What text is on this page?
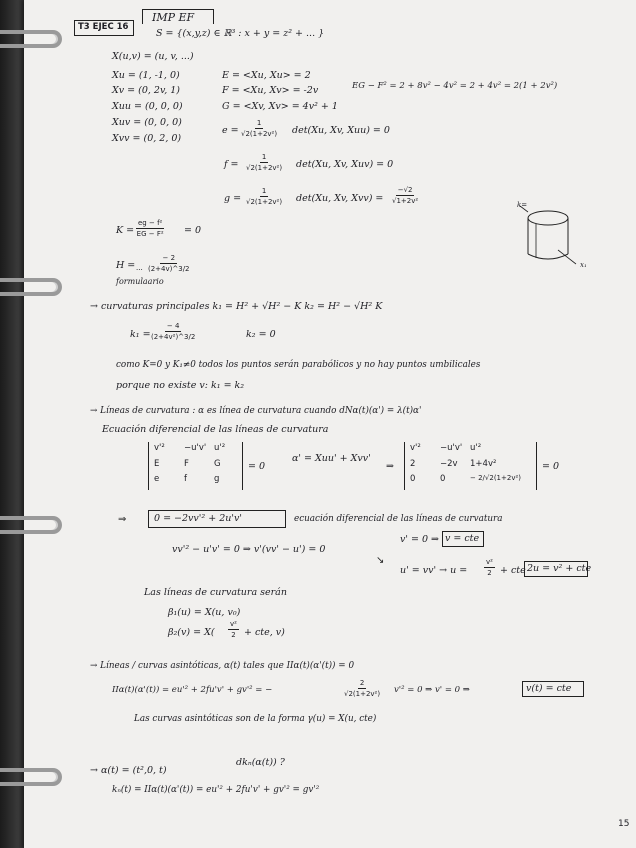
T3 EJEC 16
IMP EF
S = {(x,y,z) ∈ ℝ³ : x + y = z² + ... }
X(u,v) = (u, v, ...)
Xu = (1, -1, 0)
Xv = (0, 2v, 1)
Xuu = (0, 0, 0)
Xuv = (0, 0, 0)
Xvv = (0, 2, 0)
E = <Xu, Xu> = 2
F = <Xu, Xv> = -2v
G = <Xv, Xv> = 4v² + 1
EG − F² = 2 + 8v² − 4v² = 2 + 4v² = 2(1 + 2v²)
$e = \frac{1}{\text{√2(1+2v²)}} \det(Xu$, Xv, Xuu) = 0
$f = \frac{1}{\text{√2(1+2v²)}} \det(Xu$, Xv, Xuv) = 0
$g = \frac{1}{\text{√2(1+2v²)}} \det(Xu$, Xv, $Xvv) = \frac{-√2}{\text{√1+2v²}}$
$K = \frac{\text{eg − f²}}{\text{EG − F²}} = 0$
H = ... $\frac{- 2}{(2+4v)\^{}3/2}$
formulaario
k=
x₁
→ curvaturas principales k₁ = H² + √H² − K k₂ = H² − √H² K
$k_1 = \frac{- 4}{\text{(2+4v²)\textasciicircum{}3/2}}$	k₂ = 0
como K=0 y K₁≠0 todos los puntos serán parabólicos y no hay puntos umbilicales
porque no existe v: k₁ = k₂
→ Líneas de curvatura : α es línea de curvatura cuando dNα(t)(α') = λ(t)α'
Ecuación diferencial de las líneas de curvatura
v'²	−u'v' u'²
E	F	G
e	f	g
= 0
α' = Xuu' + Xvv'
⇒
v'²	−u'v' u'²
2	−2v	1+4v²
0	0	− 2/√2(1+2v²)
= 0
⇒	0 = −2vv'² + 2u'v'	ecuación diferencial de las líneas de curvatura
vv'² − u'v' = 0 ⇒ v'(vv' − u') = 0
v' = 0 ⇒ v = cte
↘
$u' = vv' \to u = \frac{\text{v²}}{2}$ + cte 2u = v² + cte
Las líneas de curvatura serán
β₁(u) = X(u, v₀)
$\beta_2(v) = X( \frac{\text{v²}}{2}$ + cte, v)
→ Líneas / curvas asintóticas, α(t) tales que IIα(t)(α'(t)) = 0
IIα(t)(α'(t)) = eu'² + 2fu'v' + gv'² = −	$\frac{2}{\text{√2(1+2v²)}} v'^2 = 0$ ⇒ v' = 0 ⇒	v(t) = cte
Las curvas asintóticas son de la forma γ(u) = X(u, cte)
→ α(t) = (t²,0, t)
dkₙ(α(t)) ?
kₙ(t) = IIα(t)(α'(t)) = eu'² + 2fu'v' + gv'² = gv'²
15
